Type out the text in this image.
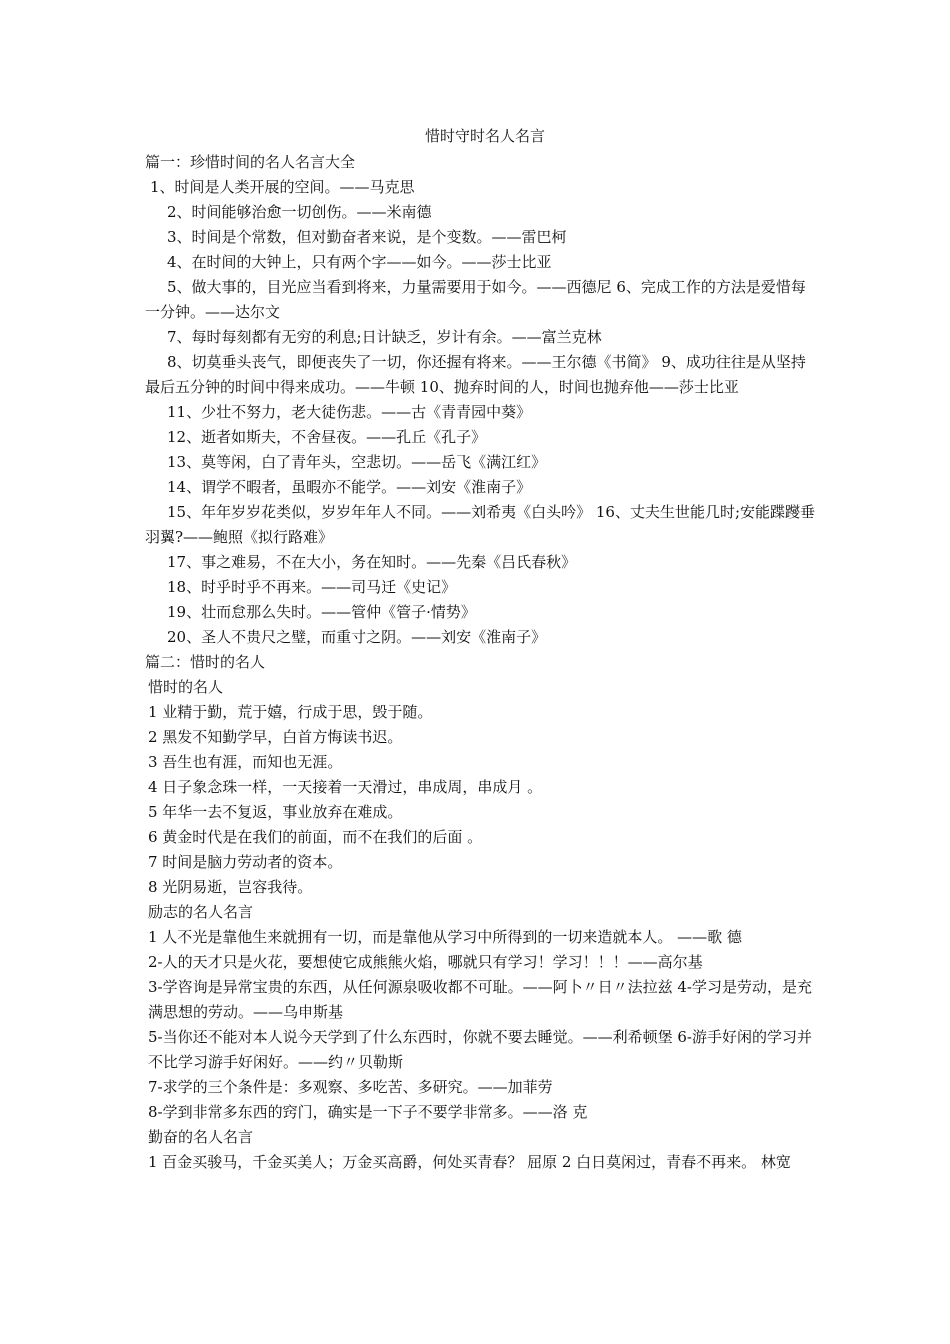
惜时守时名人名言
篇一：珍惜时间的名人名言大全
1、时间是人类开展的空间。——马克思
2、时间能够治愈一切创伤。——米南德
3、时间是个常数，但对勤奋者来说，是个变数。——雷巴柯
4、在时间的大钟上，只有两个字——如今。——莎士比亚
5、做大事的，目光应当看到将来，力量需要用于如今。——西德尼 6、完成工作的方法是爱惜每一分钟。——达尔文
7、每时每刻都有无穷的利息;日计缺乏，岁计有余。——富兰克林
8、切莫垂头丧气，即便丧失了一切，你还握有将来。——王尔德《书简》 9、成功往往是从坚持最后五分钟的时间中得来成功。——牛顿 10、抛弃时间的人，时间也抛弃他——莎士比亚
11、少壮不努力，老大徒伤悲。——古《青青园中葵》
12、逝者如斯夫，不舍昼夜。——孔丘《孔子》
13、莫等闲，白了青年头，空悲切。——岳飞《满江红》
14、谓学不暇者，虽暇亦不能学。——刘安《淮南子》
15、年年岁岁花类似，岁岁年年人不同。——刘希夷《白头吟》 16、丈夫生世能几时;安能蹀躞垂羽翼?——鲍照《拟行路难》
17、事之难易，不在大小，务在知时。——先秦《吕氏春秋》
18、时乎时乎不再来。——司马迁《史记》
19、壮而怠那么失时。——管仲《管子·情势》
20、圣人不贵尺之璧，而重寸之阴。——刘安《淮南子》
篇二：惜时的名人
惜时的名人
1 业精于勤，荒于嬉，行成于思，毁于随。
2 黑发不知勤学早，白首方悔读书迟。
3 吾生也有涯，而知也无涯。
4 日子象念珠一样，一天接着一天滑过，串成周，串成月 。
5 年华一去不复返，事业放弃在难成。
6 黄金时代是在我们的前面，而不在我们的后面 。
7 时间是脑力劳动者的资本。
8 光阴易逝，岂容我待。
励志的名人名言
1 人不光是靠他生来就拥有一切，而是靠他从学习中所得到的一切来造就本人。 ——歌 德
2-人的天才只是火花，要想使它成熊熊火焰，哪就只有学习！学习！！！——高尔基
3-学咨询是异常宝贵的东西，从任何源泉吸收都不可耻。——阿卜〃日〃法拉兹 4-学习是劳动，是充满思想的劳动。——乌申斯基
5-当你还不能对本人说今天学到了什么东西时，你就不要去睡觉。——利希顿堡 6-游手好闲的学习并不比学习游手好闲好。——约〃贝勒斯
7-求学的三个条件是：多观察、多吃苦、多研究。——加菲劳
8-学到非常多东西的窍门，确实是一下子不要学非常多。——洛 克
勤奋的名人名言
1 百金买骏马，千金买美人；万金买高爵，何处买青春？ 屈原 2 白日莫闲过，青春不再来。 林宽
